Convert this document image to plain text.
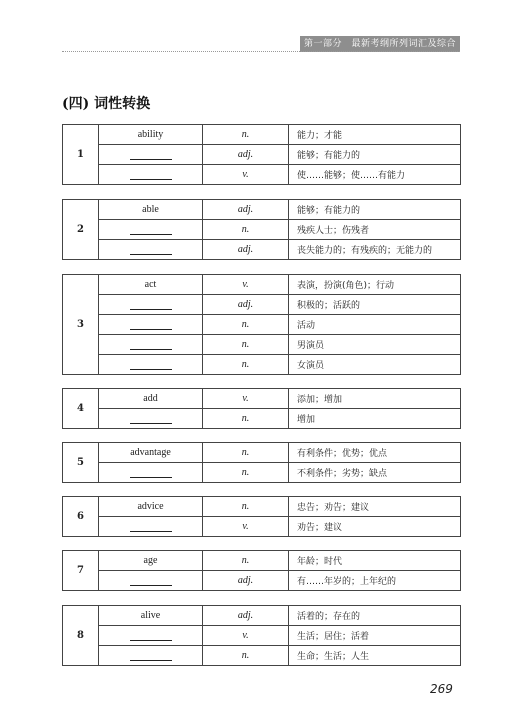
第一部分　最新考纲所列词汇及综合测试
(四) 词性转换
1	ability	n.	能力；才能
		adj.	能够；有能力的
		v.	使……能够；使……有能力
2	able	adj.	能够；有能力的
		n.	残疾人士；伤残者
		adj.	丧失能力的；有残疾的；无能力的
3	act	v.	表演，扮演(角色)；行动
		adj.	积极的；活跃的
		n.	活动
		n.	男演员
		n.	女演员
4	add	v.	添加；增加
		n.	增加
5	advantage	n.	有利条件；优势；优点
		n.	不利条件；劣势；缺点
6	advice	n.	忠告；劝告；建议
		v.	劝告；建议
7	age	n.	年龄；时代
		adj.	有……年岁的；上年纪的
8	alive	adj.	活着的；存在的
		v.	生活；居住；活着
		n.	生命；生活；人生
269
